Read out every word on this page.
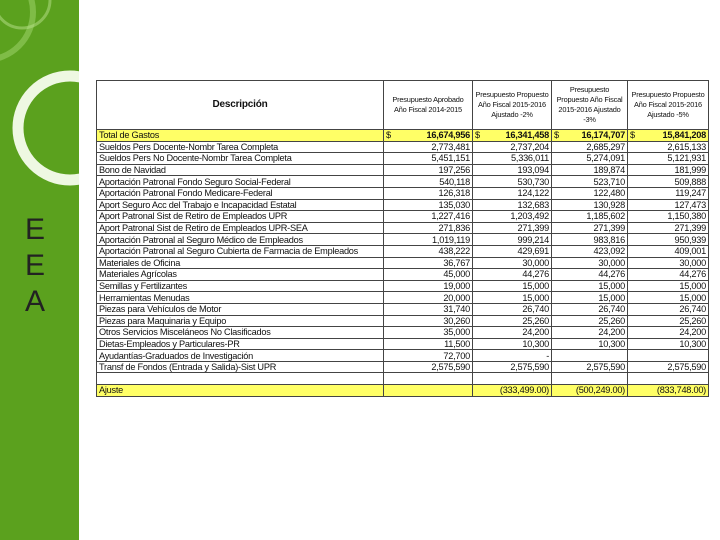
E
E
A
Descripción	Presupuesto Aprobado Año Fiscal 2014-2015	Presupuesto Propuesto Año Fiscal 2015-2016 Ajustado -2%	Presupuesto Propuesto Año Fiscal 2015-2016 Ajustado -3%	Presupuesto Propuesto Año Fiscal 2015-2016 Ajustado -5%
Total de Gastos	$ 16,674,956	$ 16,341,458	$ 16,174,707	$ 15,841,208

Sueldos Pers Docente-Nombr Tarea Completa	2,773,481	2,737,204	2,685,297	2,615,133
Sueldos Pers No Docente-Nombr Tarea Completa	5,451,151	5,336,011	5,274,091	5,121,931
Bono de Navidad	197,256	193,094	189,874	181,999
Aportación Patronal Fondo Seguro Social-Federal	540,118	530,730	523,710	509,888
Aportación Patronal Fondo Medicare-Federal	126,318	124,122	122,480	119,247
Aport Seguro Acc del Trabajo e Incapacidad Estatal	135,030	132,683	130,928	127,473
Aport Patronal Sist de Retiro de Empleados UPR	1,227,416	1,203,492	1,185,602	1,150,380
Aport Patronal Sist de Retiro de Empleados UPR-SEA	271,836	271,399	271,399	271,399
Aportación Patronal al Seguro Médico de Empleados	1,019,119	999,214	983,816	950,939
Aportación Patronal al Seguro Cubierta de Farmacia de Empleados	438,222	429,691	423,092	409,001
Materiales de Oficina	36,767	30,000	30,000	30,000
Materiales Agrícolas	45,000	44,276	44,276	44,276
Semillas y Fertilizantes	19,000	15,000	15,000	15,000
Herramientas Menudas	20,000	15,000	15,000	15,000
Piezas para Vehículos de Motor	31,740	26,740	26,740	26,740
Piezas para Maquinaria y Equipo	30,260	25,260	25,260	25,260
Otros Servicios Misceláneos No Clasificados	35,000	24,200	24,200	24,200
Dietas-Empleados y Particulares-PR	11,500	10,300	10,300	10,300
Ayudantías-Graduados de Investigación	72,700	-		
Transf de Fondos (Entrada y Salida)-Sist UPR	2,575,590	2,575,590	2,575,590	2,575,590

Ajuste		(333,499.00)	(500,249.00)	(833,748.00)
